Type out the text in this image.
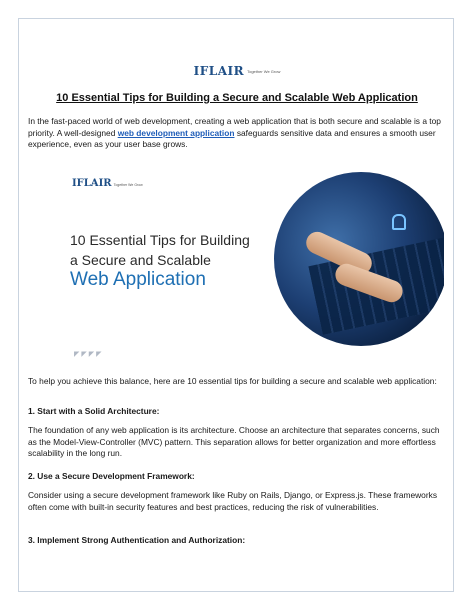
IFLAIR Together We Grow
10 Essential Tips for Building a Secure and Scalable Web Application

In the fast-paced world of web development, creating a web application that is both secure and scalable is a top priority. A well-designed web development application safeguards sensitive data and ensures a smooth user experience, even as your user base grows.

IFLAIR Together We Grow
10 Essential Tips for Building
a Secure and Scalable
Web Application
◤◤◤◤

To help you achieve this balance, here are 10 essential tips for building a secure and scalable web application:

1. Start with a Solid Architecture:

The foundation of any web application is its architecture. Choose an architecture that separates concerns, such as the Model-View-Controller (MVC) pattern. This separation allows for better organization and more effortless scalability in the long run.

2. Use a Secure Development Framework:

Consider using a secure development framework like Ruby on Rails, Django, or Express.js. These frameworks often come with built-in security features and best practices, reducing the risk of vulnerabilities.

3. Implement Strong Authentication and Authorization:
